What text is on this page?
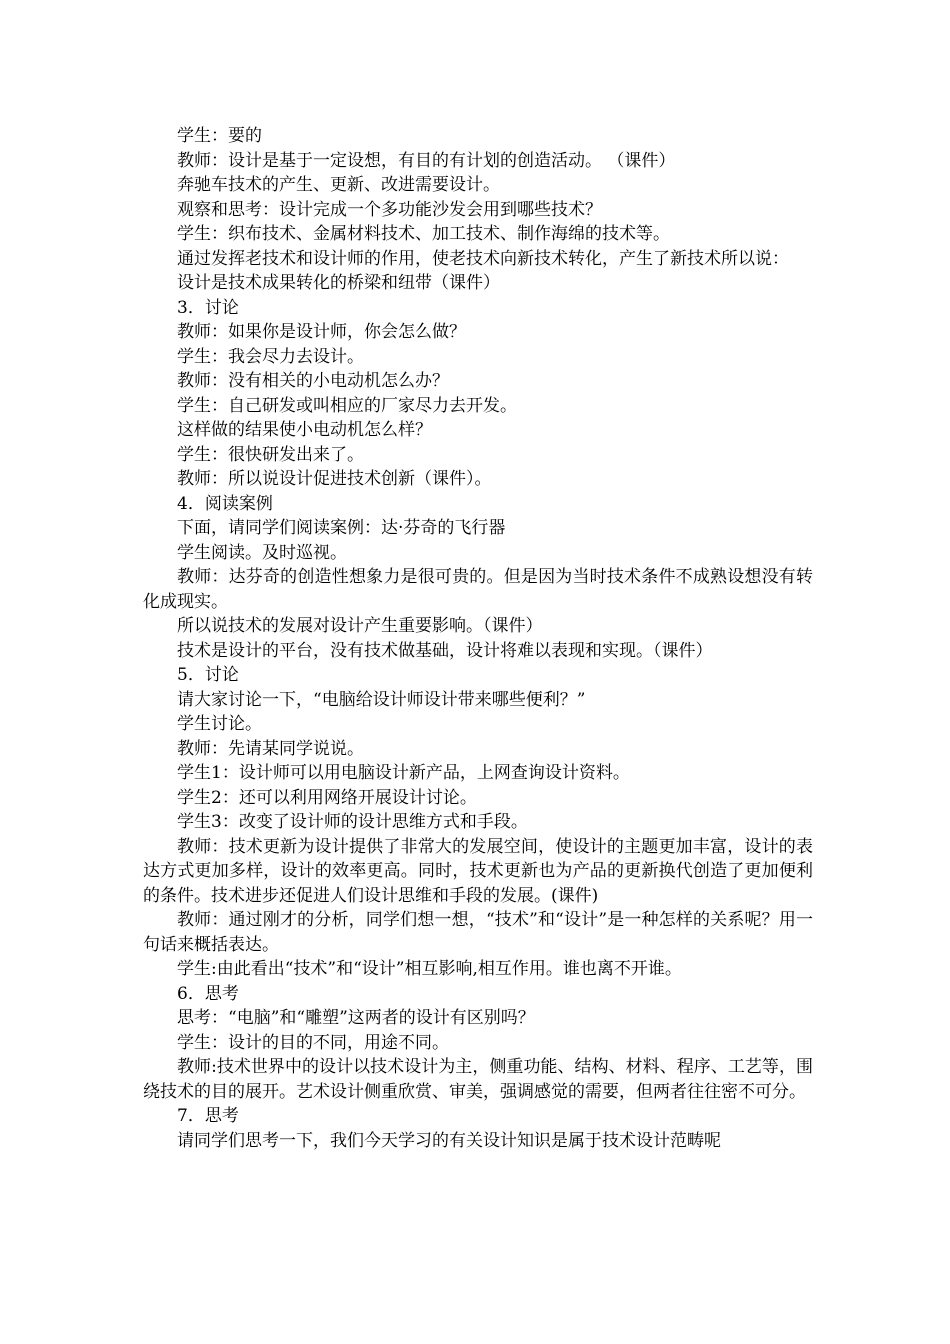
学生：要的

教师：设计是基于一定设想，有目的有计划的创造活动。 （课件）

奔驰车技术的产生、更新、改进需要设计。

观察和思考：设计完成一个多功能沙发会用到哪些技术？

学生：织布技术、金属材料技术、加工技术、制作海绵的技术等。

通过发挥老技术和设计师的作用，使老技术向新技术转化，产生了新技术所以说：

设计是技术成果转化的桥梁和纽带（课件）

3．讨论

教师：如果你是设计师，你会怎么做？

学生：我会尽力去设计。

教师：没有相关的小电动机怎么办？

学生：自己研发或叫相应的厂家尽力去开发。

这样做的结果使小电动机怎么样？

学生：很快研发出来了。

教师：所以说设计促进技术创新（课件）。

4．阅读案例

下面，请同学们阅读案例：达·芬奇的飞行器

学生阅读。及时巡视。

教师：达芬奇的创造性想象力是很可贵的。但是因为当时技术条件不成熟设想没有转化成现实。

所以说技术的发展对设计产生重要影响。（课件）

技术是设计的平台，没有技术做基础，设计将难以表现和实现。（课件）

5．讨论

请大家讨论一下，“电脑给设计师设计带来哪些便利？”

学生讨论。

教师：先请某同学说说。

学生1：设计师可以用电脑设计新产品，上网查询设计资料。

学生2：还可以利用网络开展设计讨论。

学生3：改变了设计师的设计思维方式和手段。

教师：技术更新为设计提供了非常大的发展空间，使设计的主题更加丰富，设计的表达方式更加多样，设计的效率更高。同时，技术更新也为产品的更新换代创造了更加便利的条件。技术进步还促进人们设计思维和手段的发展。(课件)

教师：通过刚才的分析，同学们想一想，“技术”和“设计”是一种怎样的关系呢？用一句话来概括表达。

学生:由此看出“技术”和“设计”相互影响,相互作用。谁也离不开谁。

6．思考

思考：“电脑”和“雕塑”这两者的设计有区别吗？

学生：设计的目的不同，用途不同。

教师:技术世界中的设计以技术设计为主，侧重功能、结构、材料、程序、工艺等，围绕技术的目的展开。艺术设计侧重欣赏、审美，强调感觉的需要，但两者往往密不可分。

7．思考

请同学们思考一下，我们今天学习的有关设计知识是属于技术设计范畴呢
